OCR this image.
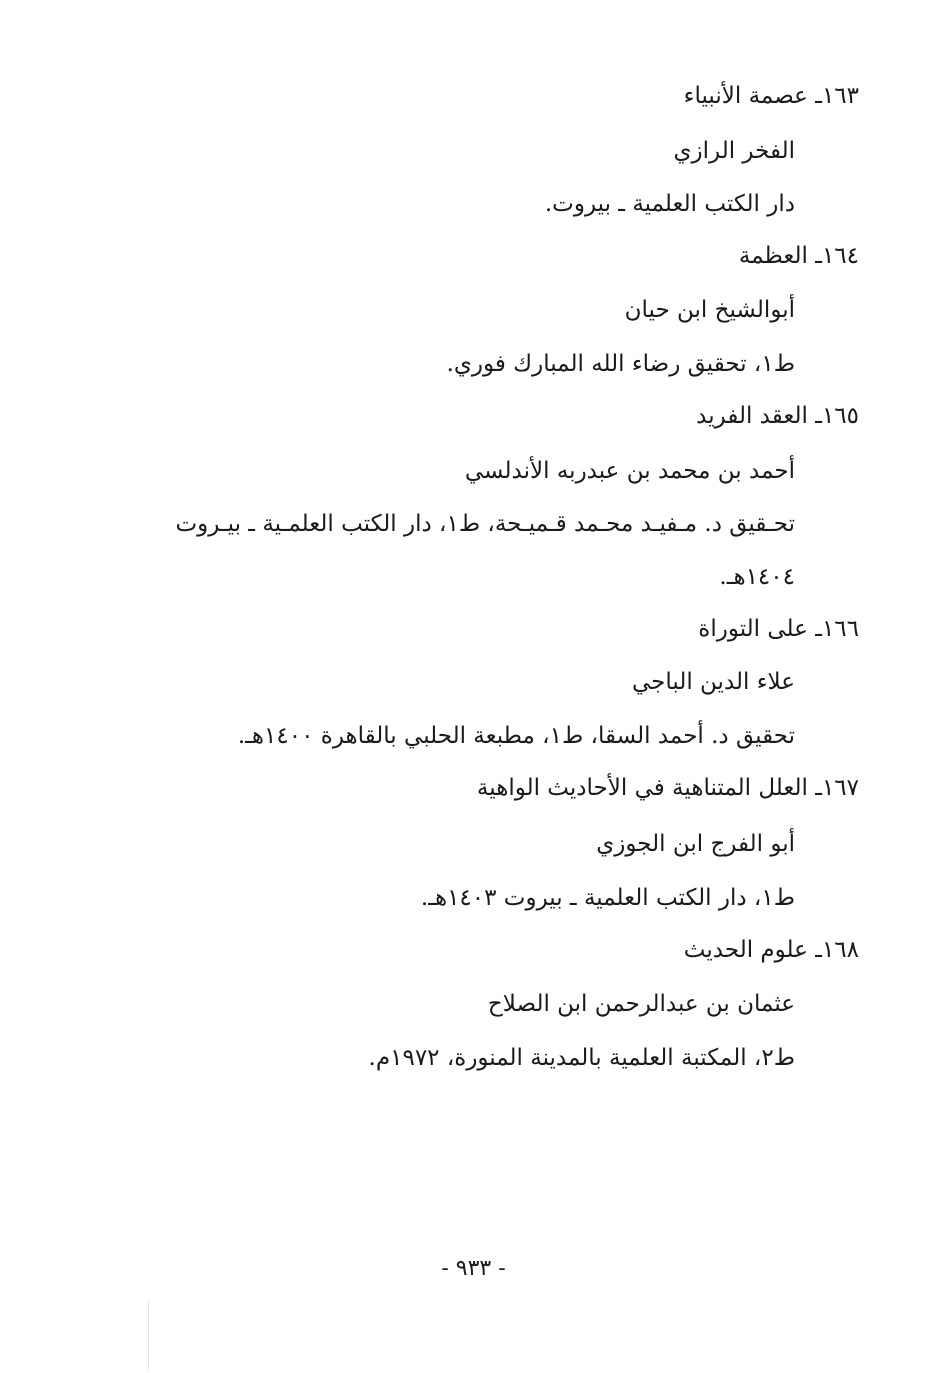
١٦٣ـ عصمة الأنبياء
الفخر الرازي
دار الكتب العلمية ـ بيروت.
١٦٤ـ العظمة
أبوالشيخ ابن حيان
ط١، تحقيق رضاء الله المبارك فوري.
١٦٥ـ العقد الفريد
أحمد بن محمد بن عبدربه الأندلسي
تحـقيق د. مـفيـد محـمد قـميـحة، ط١، دار الكتب العلمـية ـ بيـروت
١٤٠٤هـ.
١٦٦ـ على التوراة
علاء الدين الباجي
تحقيق د. أحمد السقا، ط١، مطبعة الحلبي بالقاهرة ١٤٠٠هـ.
١٦٧ـ العلل المتناهية في الأحاديث الواهية
أبو الفرج ابن الجوزي
ط١، دار الكتب العلمية ـ بيروت ١٤٠٣هـ.
١٦٨ـ علوم الحديث
عثمان بن عبدالرحمن ابن الصلاح
ط٢، المكتبة العلمية بالمدينة المنورة، ١٩٧٢م.
- ٩٣٣ -
